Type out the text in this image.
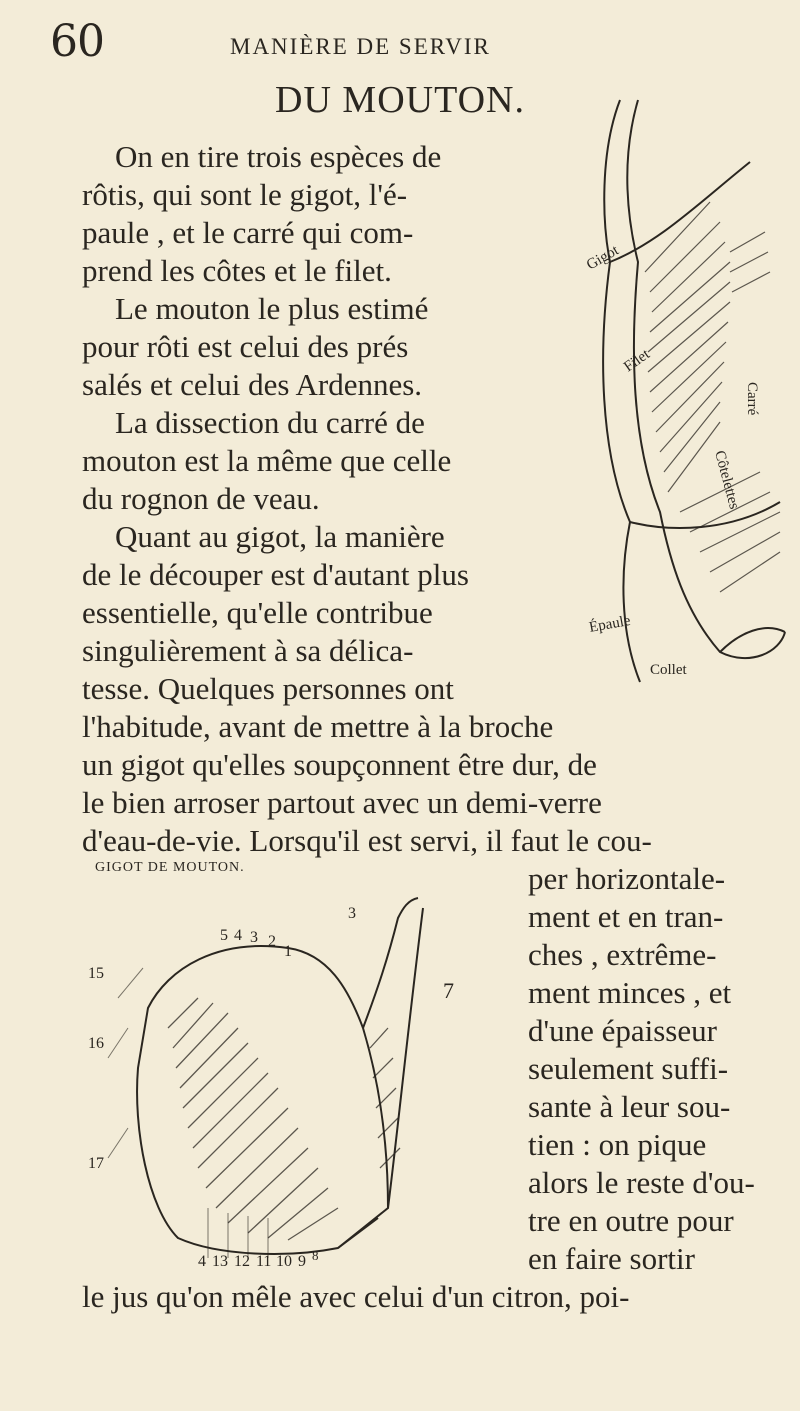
60	MANIÈRE DE SERVIR
DU MOUTON.
On en tire trois espèces de
rôtis, qui sont le gigot, l'é-
paule , et le carré qui com-
prend les côtes et le filet.
Le mouton le plus estimé
pour rôti est celui des prés
salés et celui des Ardennes.
La dissection du carré de
mouton est la même que celle
du rognon de veau.
Quant au gigot, la manière
de le découper est d'autant plus
essentielle, qu'elle contribue
singulièrement à sa délica-
tesse. Quelques personnes ont
l'habitude, avant de mettre à la broche
un gigot qu'elles soupçonnent être dur, de
le bien arroser partout avec un demi-verre
d'eau-de-vie. Lorsqu'il est servi, il faut le cou-
per horizontale-
ment et en tran-
ches , extrême-
ment minces , et
d'une épaisseur
seulement suffi-
sante à leur sou-
tien : on pique
alors le reste d'ou-
tre en outre pour
en faire sortir
le jus qu'on mêle avec celui d'un citron, poi-
Gigot
Filet
Carré
Côtelettes
Épaule
Collet
GIGOT DE MOUTON.
5 4 3 2
1
15
16
17
3
7
4 13 12 11 10 9 8
